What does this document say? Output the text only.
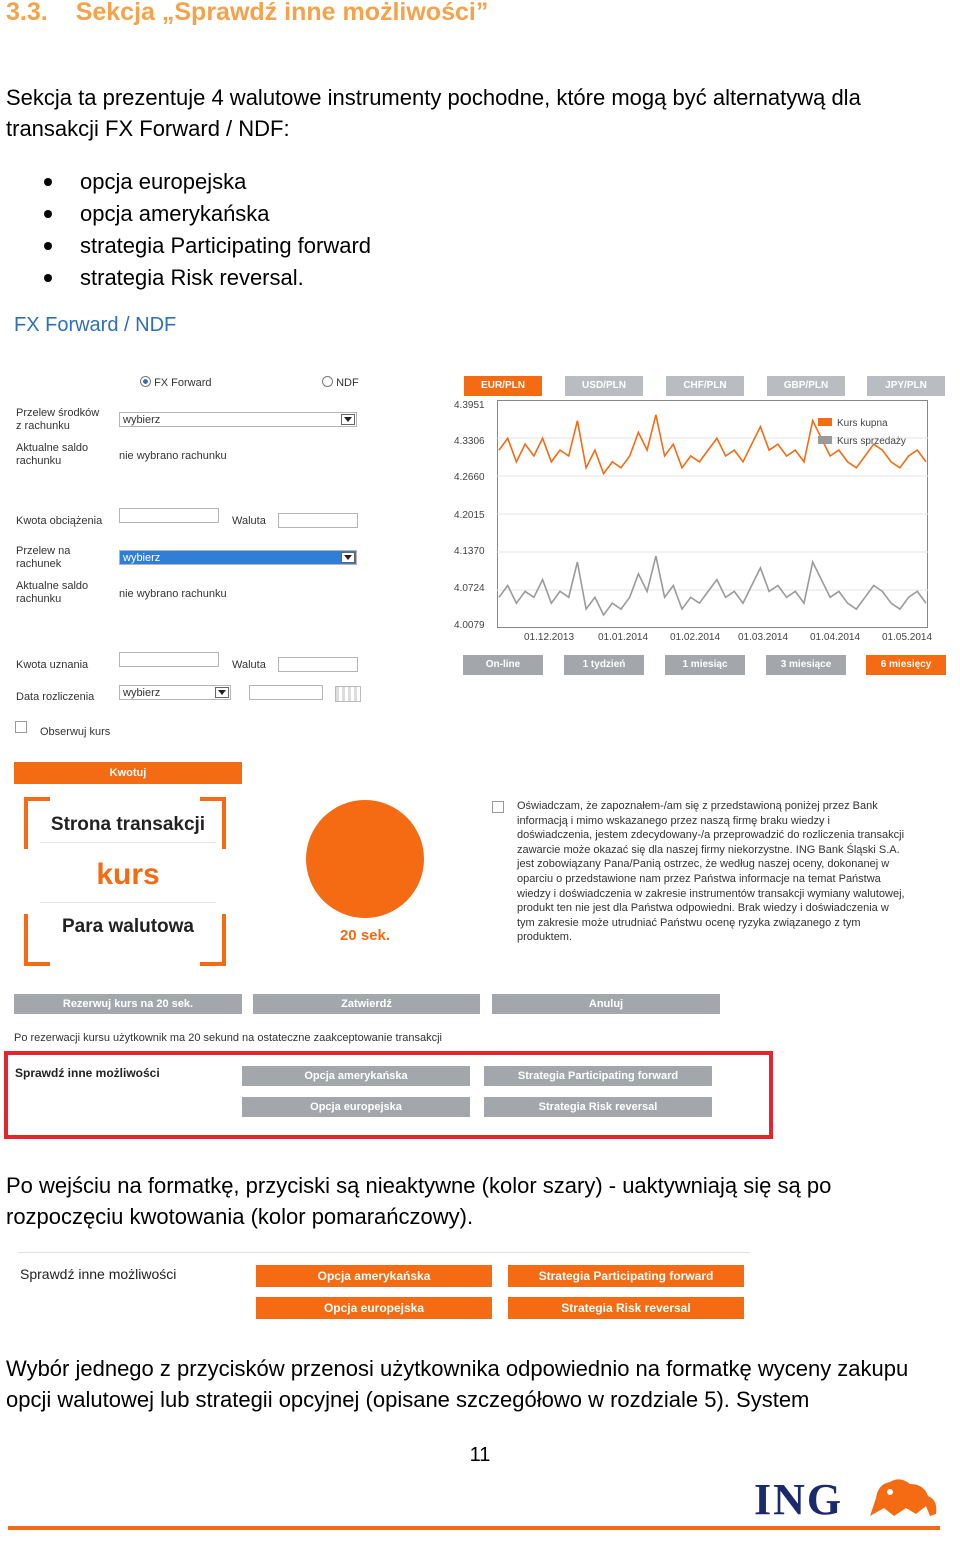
3.3. Sekcja „Sprawdź inne możliwości”
Sekcja ta prezentuje 4 walutowe instrumenty pochodne, które mogą być alternatywą dla
transakcji FX Forward / NDF:
opcja europejska
opcja amerykańska
strategia Participating forward
strategia Risk reversal.
FX Forward / NDF
FX Forward	NDF
Przelew środków
z rachunku	wybierz
Aktualne saldo
rachunku	nie wybrano rachunku
Kwota obciążenia	Waluta
Przelew na
rachunek	wybierz
Aktualne saldo
rachunku	nie wybrano rachunku
Kwota uznania	Waluta
Data rozliczenia	wybierz
Obserwuj kurs
Kwotuj
Strona transakcji
kurs
Para walutowa	20 sek.
Oświadczam, że zapoznałem-/am się z przedstawioną poniżej przez Bank
informacją i mimo wskazanego przez naszą firmę braku wiedzy i
doświadczenia, jestem zdecydowany-/a przeprowadzić do rozliczenia transakcji
zawarcie może okazać się dla naszej firmy niekorzystne. ING Bank Śląski S.A.
jest zobowiązany Pana/Panią ostrzec, że według naszej oceny, dokonanej w
oparciu o przedstawione nam przez Państwa informacje na temat Państwa
wiedzy i doświadczenia w zakresie instrumentów transakcji wymiany walutowej,
produkt ten nie jest dla Państwa odpowiedni. Brak wiedzy i doświadczenia w
tym zakresie może utrudniać Państwu ocenę ryzyka związanego z tym
produktem.
Rezerwuj kurs na 20 sek.	Zatwierdź	Anuluj
Po rezerwacji kursu użytkownik ma 20 sekund na ostateczne zaakceptowanie transakcji
Sprawdź inne możliwości	Opcja amerykańska	Strategia Participating forward
Opcja europejska	Strategia Risk reversal
EUR/PLN	USD/PLN	CHF/PLN	GBP/PLN	JPY/PLN
4.3951
4.3306
4.2660
4.2015
4.1370
4.0724
4.0079
Kurs kupna
Kurs sprzedaży
01.12.2013 01.01.2014 01.02.2014 01.03.2014 01.04.2014 01.05.2014
On-line	1 tydzień	1 miesiąc	3 miesiące	6 miesięcy
Po wejściu na formatkę, przyciski są nieaktywne (kolor szary) - uaktywniają się są po
rozpoczęciu kwotowania (kolor pomarańczowy).
Sprawdź inne możliwości	Opcja amerykańska	Strategia Participating forward
Opcja europejska	Strategia Risk reversal
Wybór jednego z przycisków przenosi użytkownika odpowiednio na formatkę wyceny zakupu
opcji walutowej lub strategii opcyjnej (opisane szczegółowo w rozdziale 5). System
11
ING
